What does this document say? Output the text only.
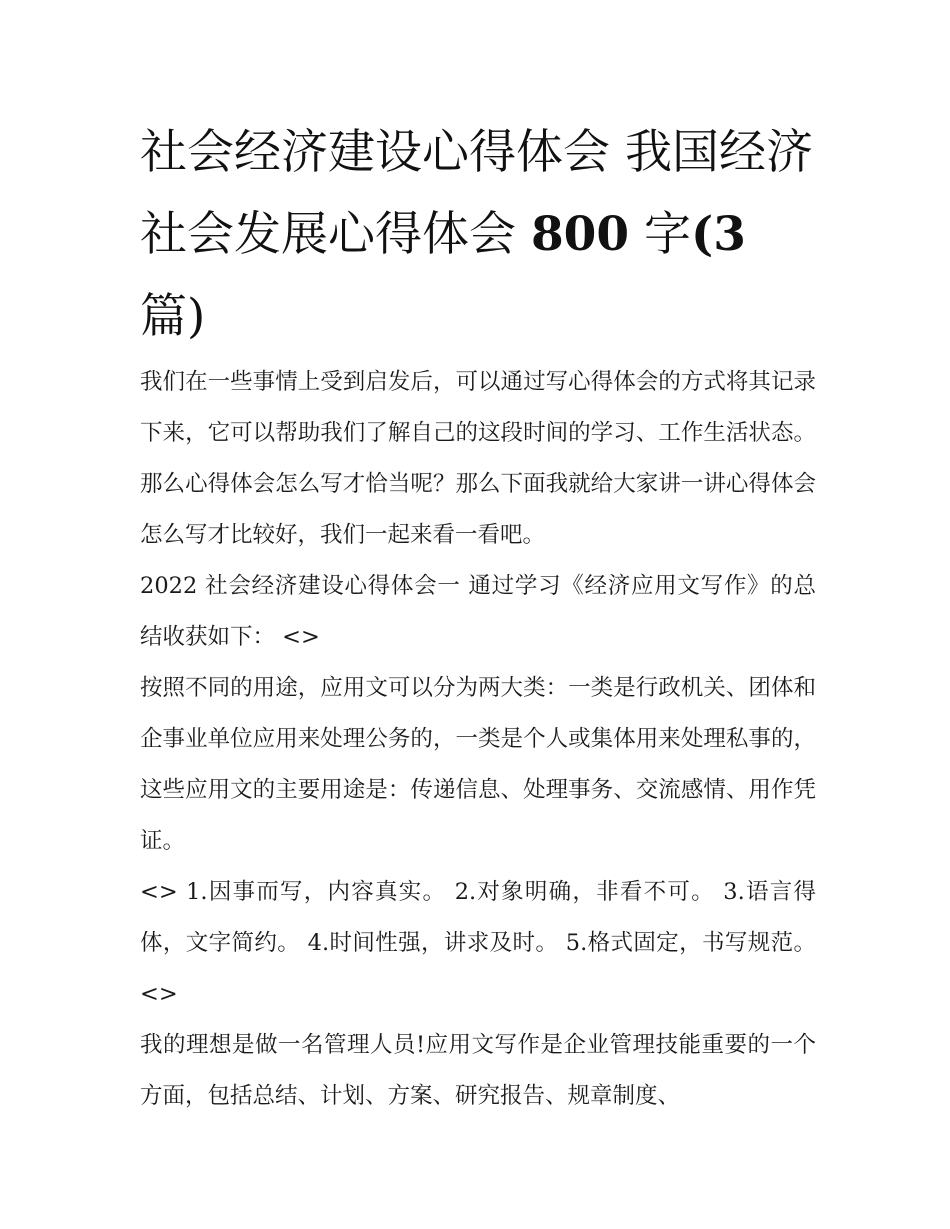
社会经济建设心得体会 我国经济社会发展心得体会 800 字(3
篇)

我们在一些事情上受到启发后，可以通过写心得体会的方式将其记录下来，它可以帮助我们了解自己的这段时间的学习、工作生活状态。那么心得体会怎么写才恰当呢？那么下面我就给大家讲一讲心得体会怎么写才比较好，我们一起来看一看吧。

2022 社会经济建设心得体会一 通过学习《经济应用文写作》的总结收获如下： <>

按照不同的用途，应用文可以分为两大类：一类是行政机关、团体和企事业单位应用来处理公务的，一类是个人或集体用来处理私事的，这些应用文的主要用途是：传递信息、处理事务、交流感情、用作凭证。

<> 1.因事而写，内容真实。 2.对象明确，非看不可。 3.语言得体，文字简约。 4.时间性强，讲求及时。 5.格式固定，书写规范。 <>

我的理想是做一名管理人员!应用文写作是企业管理技能重要的一个方面，包括总结、计划、方案、研究报告、规章制度、
